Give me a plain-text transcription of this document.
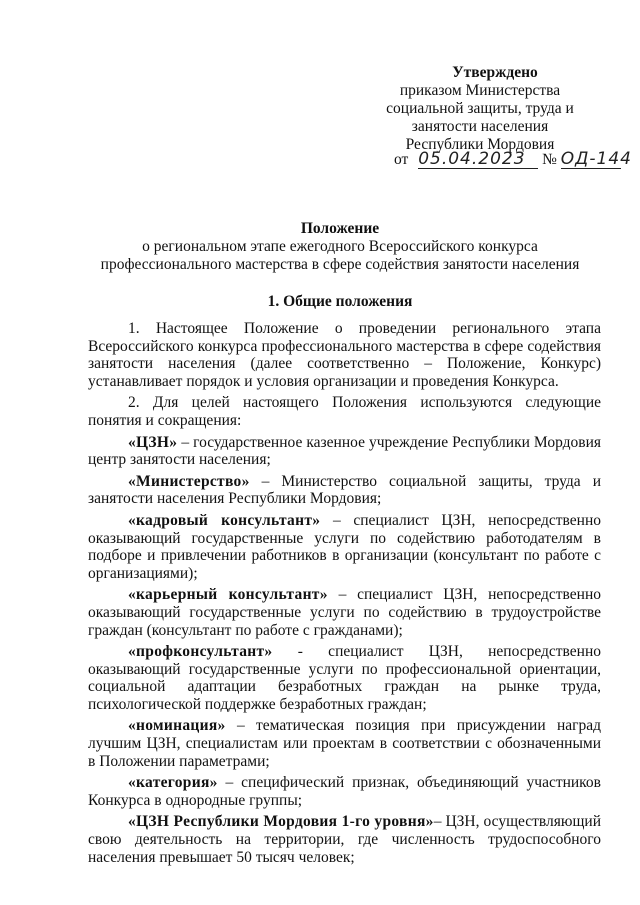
Утверждено
приказом Министерства
социальной защиты, труда и
занятости населения
Республики Мордовия
от 05.04.2023 № ОД-144
Положение
о региональном этапе ежегодного Всероссийского конкурса
профессионального мастерства в сфере содействия занятости населения
1. Общие положения

1. Настоящее Положение о проведении регионального этапа Всероссийского конкурса профессионального мастерства в сфере содействия занятости населения (далее соответственно – Положение, Конкурс) устанавливает порядок и условия организации и проведения Конкурса.

2. Для целей настоящего Положения используются следующие понятия и сокращения:

«ЦЗН» – государственное казенное учреждение Республики Мордовия центр занятости населения;

«Министерство» – Министерство социальной защиты, труда и занятости населения Республики Мордовия;

«кадровый консультант» – специалист ЦЗН, непосредственно оказывающий государственные услуги по содействию работодателям в подборе и привлечении работников в организации (консультант по работе с организациями);

«карьерный консультант» – специалист ЦЗН, непосредственно оказывающий государственные услуги по содействию в трудоустройстве граждан (консультант по работе с гражданами);

«профконсультант» - специалист ЦЗН, непосредственно оказывающий государственные услуги по профессиональной ориентации, социальной адаптации безработных граждан на рынке труда, психологической поддержке безработных граждан;

«номинация» – тематическая позиция при присуждении наград лучшим ЦЗН, специалистам или проектам в соответствии с обозначенными в Положении параметрами;

«категория» – специфический признак, объединяющий участников Конкурса в однородные группы;

«ЦЗН Республики Мордовия 1-го уровня»– ЦЗН, осуществляющий свою деятельность на территории, где численность трудоспособного населения превышает 50 тысяч человек;
